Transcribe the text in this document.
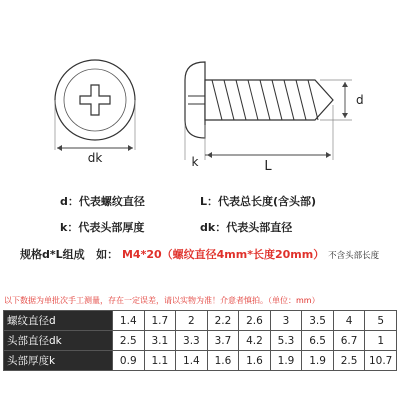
dk
d
k	L
d：代表螺纹直径	L：代表总长度(含头部)
k：代表头部厚度	dk：代表头部直径
规格d*L组成 如： M4*20（螺纹直径4mm*长度20mm） 不含头部长度
以下数据为单批次手工测量，存在一定误差，请以实物为准！介意者慎拍。（单位：mm）
螺纹直径d	1.4	1.7	2	2.2	2.6	3	3.5	4	5
头部直径dk	2.5	3.1	3.3	3.7	4.2	5.3	6.5	6.7	1
头部厚度k	0.9	1.1	1.4	1.6	1.6	1.9	1.9	2.5	10.7
